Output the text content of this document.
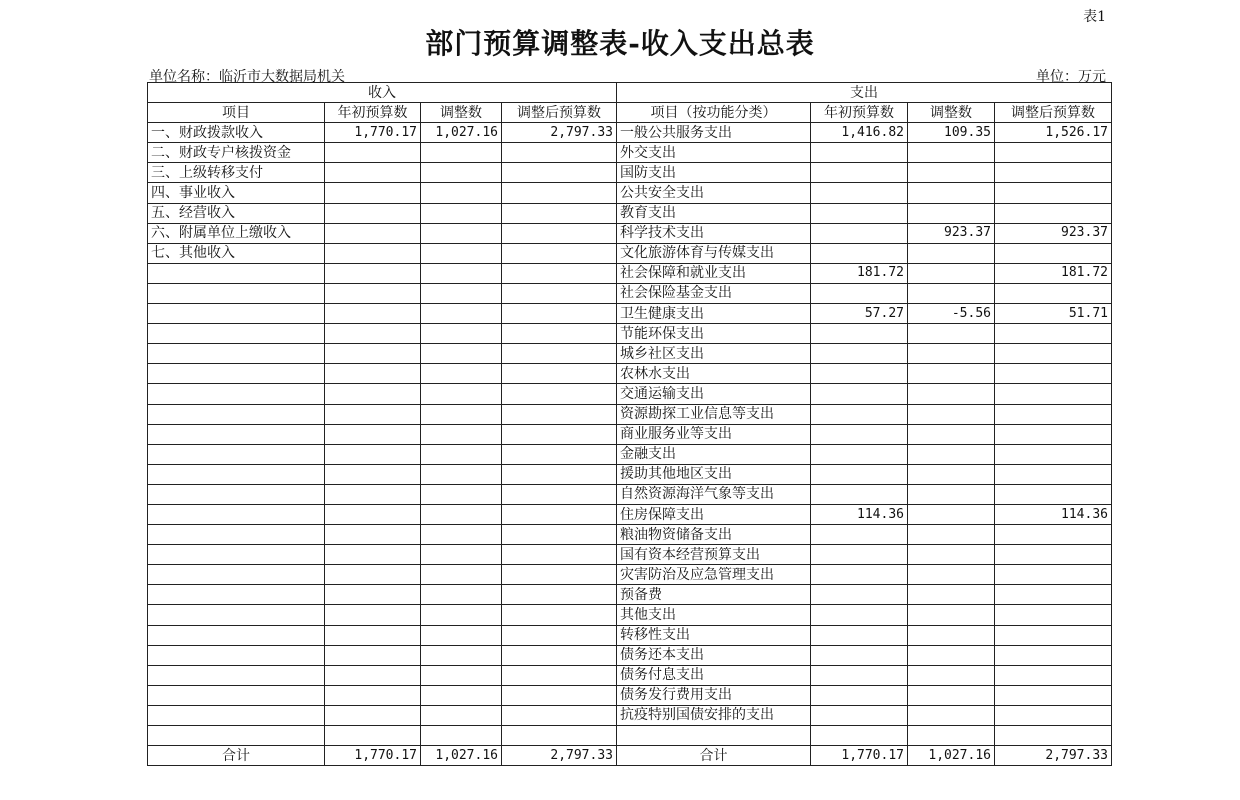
表1
部门预算调整表-收入支出总表
单位名称：临沂市大数据局机关	单位：万元
收入				支出			
项目	年初预算数	调整数	调整后预算数	项目（按功能分类）	年初预算数	调整数	调整后预算数
一、财政拨款收入	1,770.17	1,027.16	2,797.33	一般公共服务支出	1,416.82	109.35	1,526.17
二、财政专户核拨资金				外交支出			
三、上级转移支付				国防支出			
四、事业收入				公共安全支出			
五、经营收入				教育支出			
六、附属单位上缴收入				科学技术支出		923.37	923.37
七、其他收入				文化旅游体育与传媒支出			
				社会保障和就业支出	181.72		181.72
				社会保险基金支出			
				卫生健康支出	57.27	-5.56	51.71
				节能环保支出			
				城乡社区支出			
				农林水支出			
				交通运输支出			
				资源勘探工业信息等支出			
				商业服务业等支出			
				金融支出			
				援助其他地区支出			
				自然资源海洋气象等支出			
				住房保障支出	114.36		114.36
				粮油物资储备支出			
				国有资本经营预算支出			
				灾害防治及应急管理支出			
				预备费			
				其他支出			
				转移性支出			
				债务还本支出			
				债务付息支出			
				债务发行费用支出			
				抗疫特别国债安排的支出			

合计	1,770.17	1,027.16	2,797.33	合计	1,770.17	1,027.16	2,797.33
